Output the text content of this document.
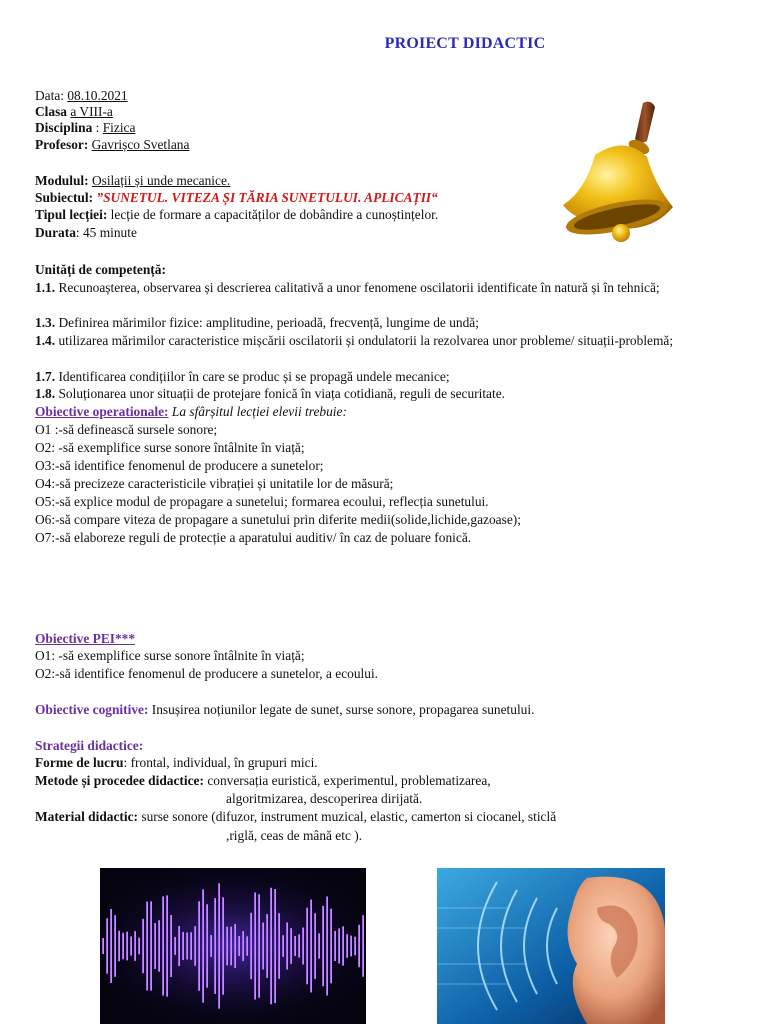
PROIECT DIDACTIC
Data: 08.10.2021
Clasa a VIII-a
Disciplina : Fizica
Profesor: Gavrișco Svetlana
Modulul: Osilații și unde mecanice.
Subiectul: ”SUNETUL. VITEZA ȘI TĂRIA SUNETULUI. APLICAȚII“
Tipul lecției: lecție de formare a capacităților de dobândire a cunoștințelor.
Durata: 45 minute
Unități de competență:
1.1. Recunoașterea, observarea și descrierea calitativă a unor fenomene oscilatorii identificate în natură și în tehnică;
1.3. Definirea mărimilor fizice: amplitudine, perioadă, frecvență, lungime de undă;
1.4. utilizarea mărimilor caracteristice mișcării oscilatorii și ondulatorii la rezolvarea unor probleme/ situații-problemă;
1.7. Identificarea condițiilor în care se produc și se propagă undele mecanice;
1.8. Soluționarea unor situații de protejare fonică în viața cotidiană, reguli de securitate.
Obiective operationale: La sfârșitul lecției elevii trebuie:
O1 :-să definească sursele sonore;
O2: -să exemplifice surse sonore întâlnite în viață;
O3:-să identifice fenomenul de producere a sunetelor;
O4:-să precizeze caracteristicile vibrației și unitatile lor de măsură;
O5:-să explice modul de propagare a sunetelui; formarea ecoului, reflecția sunetului.
O6:-să compare viteza de propagare a sunetului prin diferite medii(solide,lichide,gazoase);
O7:-să elaboreze reguli de protecție a aparatului auditiv/ în caz de poluare fonică.
Obiective PEI***
O1: -să exemplifice surse sonore întâlnite în viață;
O2:-să identifice fenomenul de producere a sunetelor, a ecoului.
Obiective cognitive: Insușirea noțiunilor legate de sunet, surse sonore, propagarea sunetului.
Strategii didactice:
Forme de lucru: frontal, individual, în grupuri mici.
Metode și procedee didactice: conversația euristică, experimentul, problematizarea,
algoritmizarea, descoperirea dirijată.
Material didactic: surse sonore (difuzor, instrument muzical, elastic, camerton si ciocanel, sticlă
,riglă, ceas de mână etc ).
